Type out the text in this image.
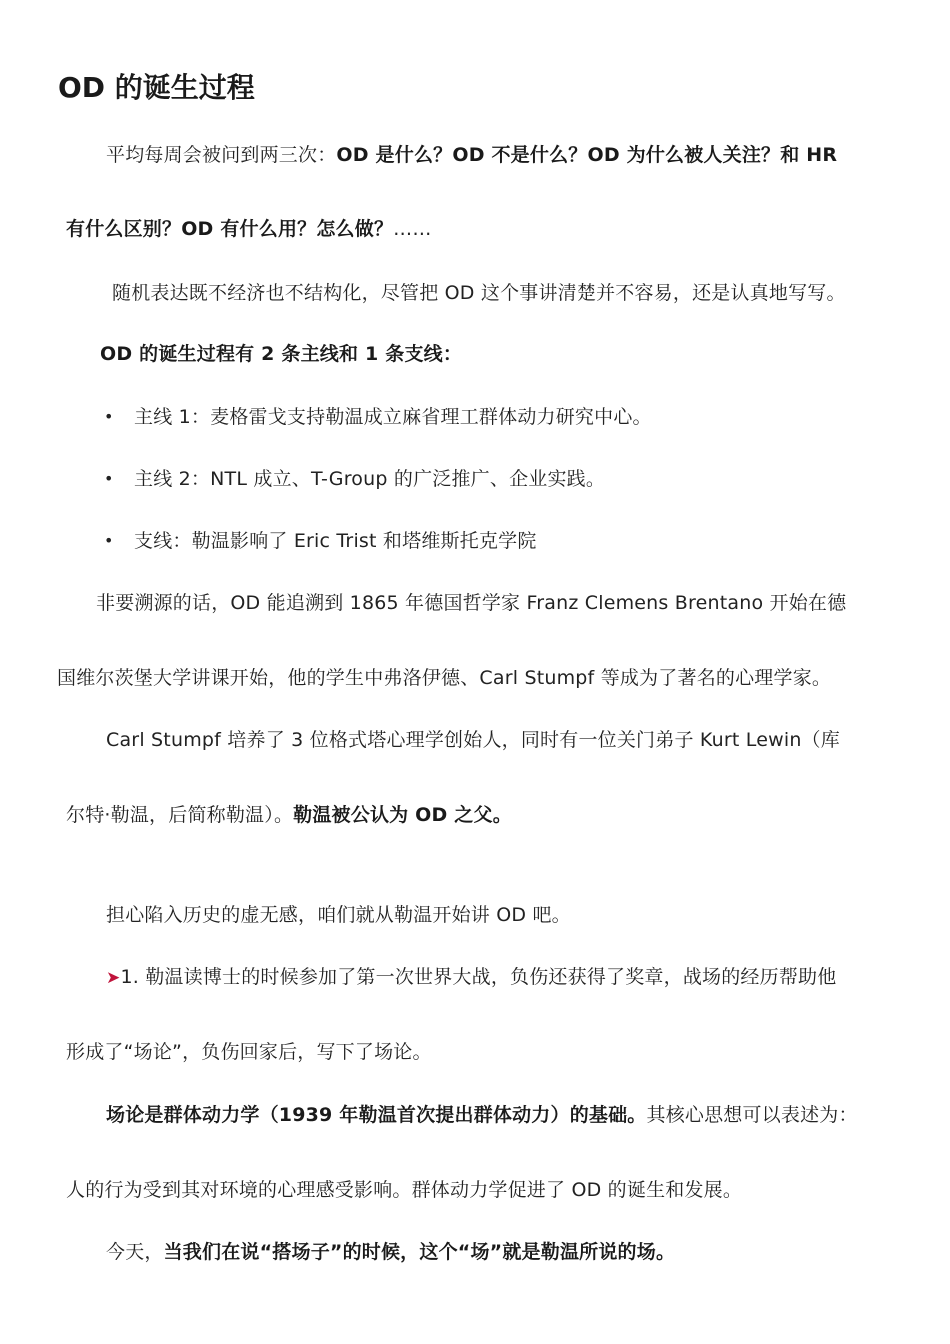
OD 的诞生过程
平均每周会被问到两三次：OD 是什么？OD 不是什么？OD 为什么被人关注？和 HR
有什么区别？OD 有什么用？怎么做？……
随机表达既不经济也不结构化，尽管把 OD 这个事讲清楚并不容易，还是认真地写写。
OD 的诞生过程有 2 条主线和 1 条支线：
• 主线 1：麦格雷戈支持勒温成立麻省理工群体动力研究中心。
• 主线 2：NTL 成立、T-Group 的广泛推广、企业实践。
• 支线：勒温影响了 Eric Trist 和塔维斯托克学院
非要溯源的话，OD 能追溯到 1865 年德国哲学家 Franz Clemens Brentano 开始在德
国维尔茨堡大学讲课开始，他的学生中弗洛伊德、Carl Stumpf 等成为了著名的心理学家。
Carl Stumpf 培养了 3 位格式塔心理学创始人，同时有一位关门弟子 Kurt Lewin（库
尔特·勒温，后简称勒温）。勒温被公认为 OD 之父。
担心陷入历史的虚无感，咱们就从勒温开始讲 OD 吧。
➤1. 勒温读博士的时候参加了第一次世界大战，负伤还获得了奖章，战场的经历帮助他
形成了“场论”，负伤回家后，写下了场论。
场论是群体动力学（1939 年勒温首次提出群体动力）的基础。其核心思想可以表述为：
人的行为受到其对环境的心理感受影响。群体动力学促进了 OD 的诞生和发展。
今天，当我们在说“搭场子”的时候，这个“场”就是勒温所说的场。
